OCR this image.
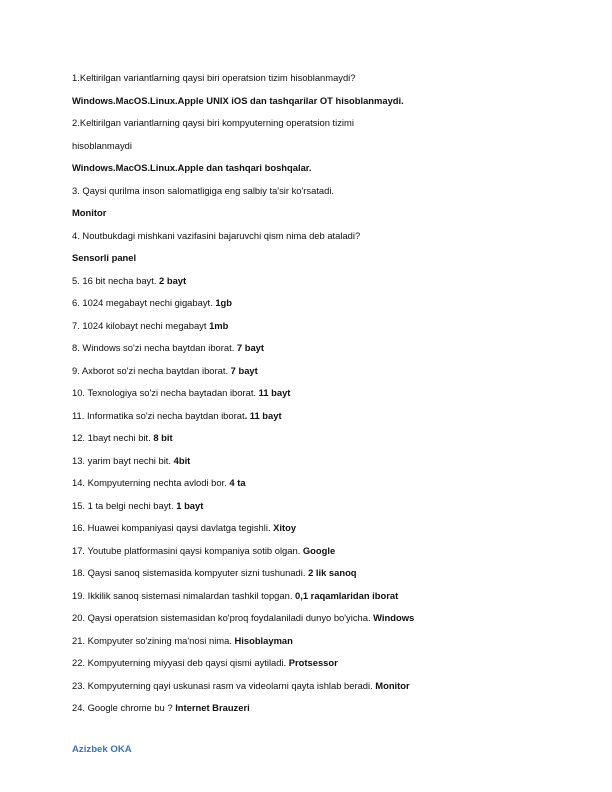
1.Keltirilgan variantlarning qaysi biri operatsion tizim hisoblanmaydi?
Windows.MacOS.Linux.Apple UNIX iOS dan tashqarilar OT hisoblanmaydi.
2.Keltirilgan variantlarning qaysi biri kompyuterning operatsion tizimi
hisoblanmaydi
Windows.MacOS.Linux.Apple dan tashqari boshqalar.
3. Qaysi qurilma inson salomatligiga eng salbiy ta'sir ko'rsatadi.
Monitor
4. Noutbukdagi mishkani vazifasini bajaruvchi qism nima deb ataladi?
Sensorli panel
5. 16 bit necha bayt. 2 bayt
6. 1024 megabayt nechi gigabayt. 1gb
7. 1024 kilobayt nechi megabayt 1mb
8. Windows so'zi necha baytdan iborat. 7 bayt
9. Axborot so'zi necha baytdan iborat. 7 bayt
10. Texnologiya so'zi necha baytadan iborat. 11 bayt
11. Informatika so'zi necha baytdan iborat. 11 bayt
12. 1bayt nechi bit. 8 bit
13. yarim bayt nechi bit. 4bit
14. Kompyuterning nechta avlodi bor. 4 ta
15. 1 ta belgi nechi bayt. 1 bayt
16. Huawei kompaniyasi qaysi davlatga tegishli. Xitoy
17. Youtube platformasini qaysi kompaniya sotib olgan. Google
18. Qaysi sanoq sistemasida kompyuter sizni tushunadi. 2 lik sanoq
19. Ikkilik sanoq sistemasi nimalardan tashkil topgan. 0,1 raqamlaridan iborat
20. Qaysi operatsion sistemasidan ko'proq foydalaniladi dunyo bo'yicha. Windows
21. Kompyuter so'zining ma'nosi nima. Hisoblayman
22. Kompyuterning miyyasi deb qaysi qismi aytiladi. Protsessor
23. Kompyuterning qayi uskunasi rasm va videolarni qayta ishlab beradi. Monitor
24. Google chrome bu ? Internet Brauzeri
Azizbek OKA
